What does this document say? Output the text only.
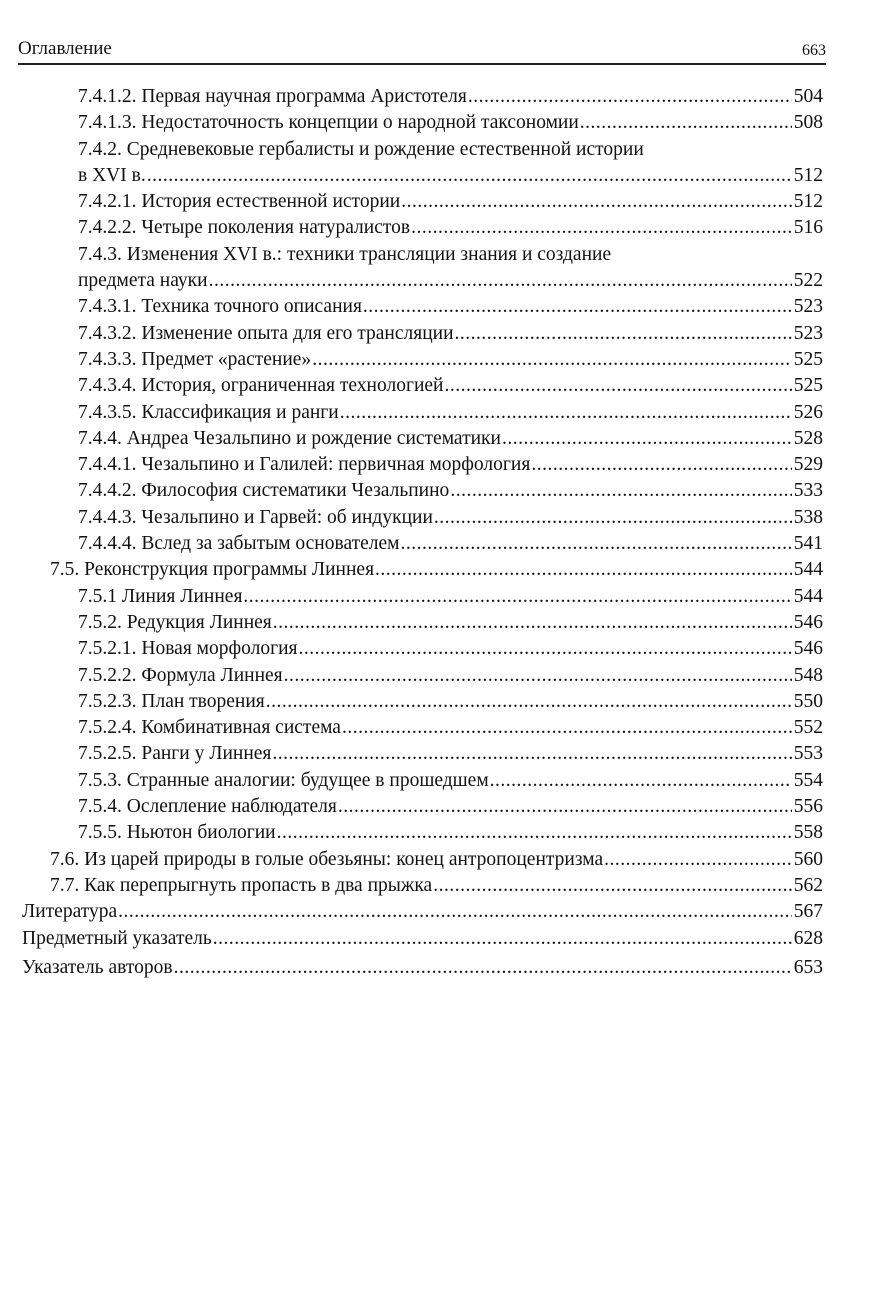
Оглавление	663
7.4.1.2. Первая научная программа Аристотеля .....	504
7.4.1.3. Недостаточность концепции о народной таксономии .....	508
7.4.2. Средневековые гербалисты и рождение естественной истории
в XVI в. .....	512
7.4.2.1. История естественной истории .....	512
7.4.2.2. Четыре поколения натуралистов .....	516
7.4.3. Изменения XVI в.: техники трансляции знания и создание
предмета науки .....	522
7.4.3.1. Техника точного описания .....	523
7.4.3.2. Изменение опыта для его трансляции .....	523
7.4.3.3. Предмет «растение» .....	525
7.4.3.4. История, ограниченная технологией .....	525
7.4.3.5. Классификация и ранги .....	526
7.4.4. Андреа Чезальпино и рождение систематики .....	528
7.4.4.1. Чезальпино и Галилей: первичная морфология .....	529
7.4.4.2. Философия систематики Чезальпино .....	533
7.4.4.3. Чезальпино и Гарвей: об индукции .....	538
7.4.4.4. Вслед за забытым основателем .....	541
7.5. Реконструкция программы Линнея .....	544
7.5.1 Линия Линнея .....	544
7.5.2. Редукция Линнея .....	546
7.5.2.1. Новая морфология .....	546
7.5.2.2. Формула Линнея .....	548
7.5.2.3. План творения .....	550
7.5.2.4. Комбинативная система .....	552
7.5.2.5. Ранги у Линнея .....	553
7.5.3. Странные аналогии: будущее в прошедшем .....	554
7.5.4. Ослепление наблюдателя .....	556
7.5.5. Ньютон биологии .....	558
7.6. Из царей природы в голые обезьяны: конец антропоцентризма .....	560
7.7. Как перепрыгнуть пропасть в два прыжка .....	562
Литература .....	567
Предметный указатель .....	628
Указатель авторов .....	653
